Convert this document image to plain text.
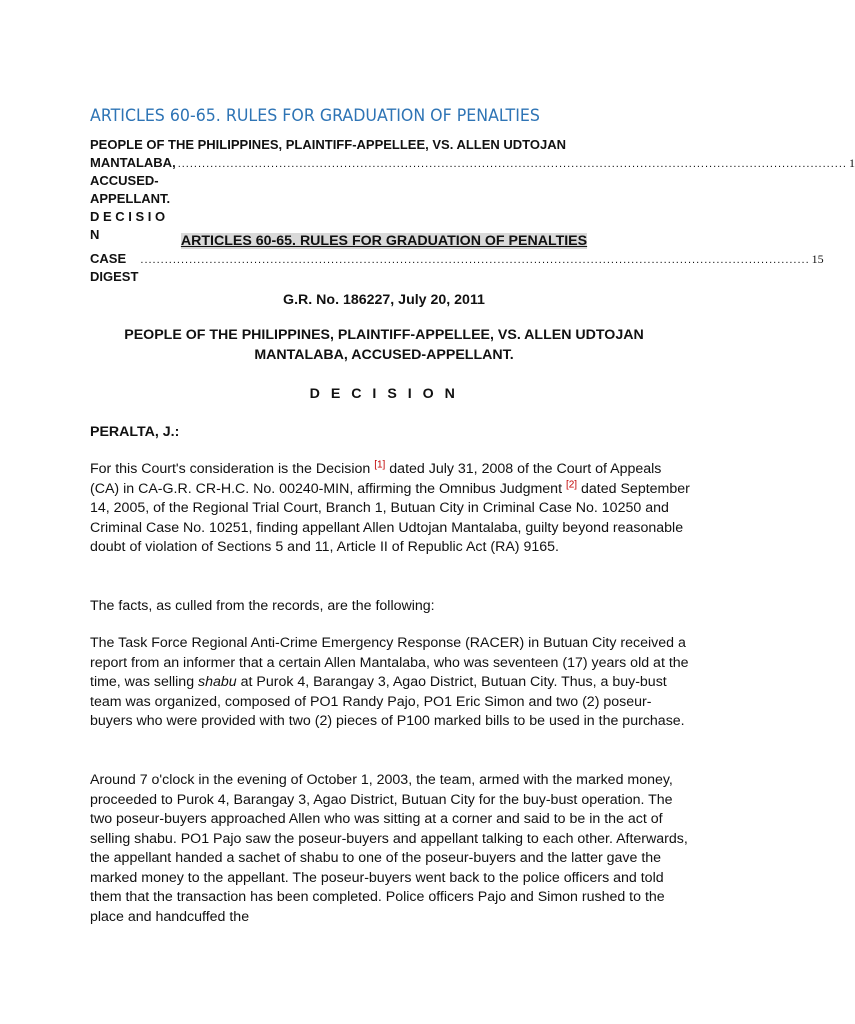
ARTICLES 60-65. RULES FOR GRADUATION OF PENALTIES
PEOPLE OF THE PHILIPPINES, PLAINTIFF-APPELLEE, VS. ALLEN UDTOJAN
MANTALABA, ACCUSED-APPELLANT. D E C I S I O N
..................................................................................................................................................................... 1
CASE DIGEST
..................................................................................................................................................................... 15
ARTICLES 60-65. RULES FOR GRADUATION OF PENALTIES
G.R. No. 186227, July 20, 2011
PEOPLE OF THE PHILIPPINES, PLAINTIFF-APPELLEE, VS. ALLEN UDTOJAN MANTALABA, ACCUSED-APPELLANT.
D E C I S I O N
PERALTA, J.:

For this Court's consideration is the Decision [1] dated July 31, 2008 of the Court of Appeals (CA) in CA-G.R. CR-H.C. No. 00240-MIN, affirming the Omnibus Judgment [2] dated September 14, 2005, of the Regional Trial Court, Branch 1, Butuan City in Criminal Case No. 10250 and Criminal Case No. 10251, finding appellant Allen Udtojan Mantalaba, guilty beyond reasonable doubt of violation of Sections 5 and 11, Article II of Republic Act (RA) 9165.

The facts, as culled from the records, are the following:

The Task Force Regional Anti-Crime Emergency Response (RACER) in Butuan City received a report from an informer that a certain Allen Mantalaba, who was seventeen (17) years old at the time, was selling shabu at Purok 4, Barangay 3, Agao District, Butuan City. Thus, a buy-bust team was organized, composed of PO1 Randy Pajo, PO1 Eric Simon and two (2) poseur-buyers who were provided with two (2) pieces of P100 marked bills to be used in the purchase.

Around 7 o'clock in the evening of October 1, 2003, the team, armed with the marked money, proceeded to Purok 4, Barangay 3, Agao District, Butuan City for the buy-bust operation. The two poseur-buyers approached Allen who was sitting at a corner and said to be in the act of selling shabu. PO1 Pajo saw the poseur-buyers and appellant talking to each other. Afterwards, the appellant handed a sachet of shabu to one of the poseur-buyers and the latter gave the marked money to the appellant. The poseur-buyers went back to the police officers and told them that the transaction has been completed. Police officers Pajo and Simon rushed to the place and handcuffed the
